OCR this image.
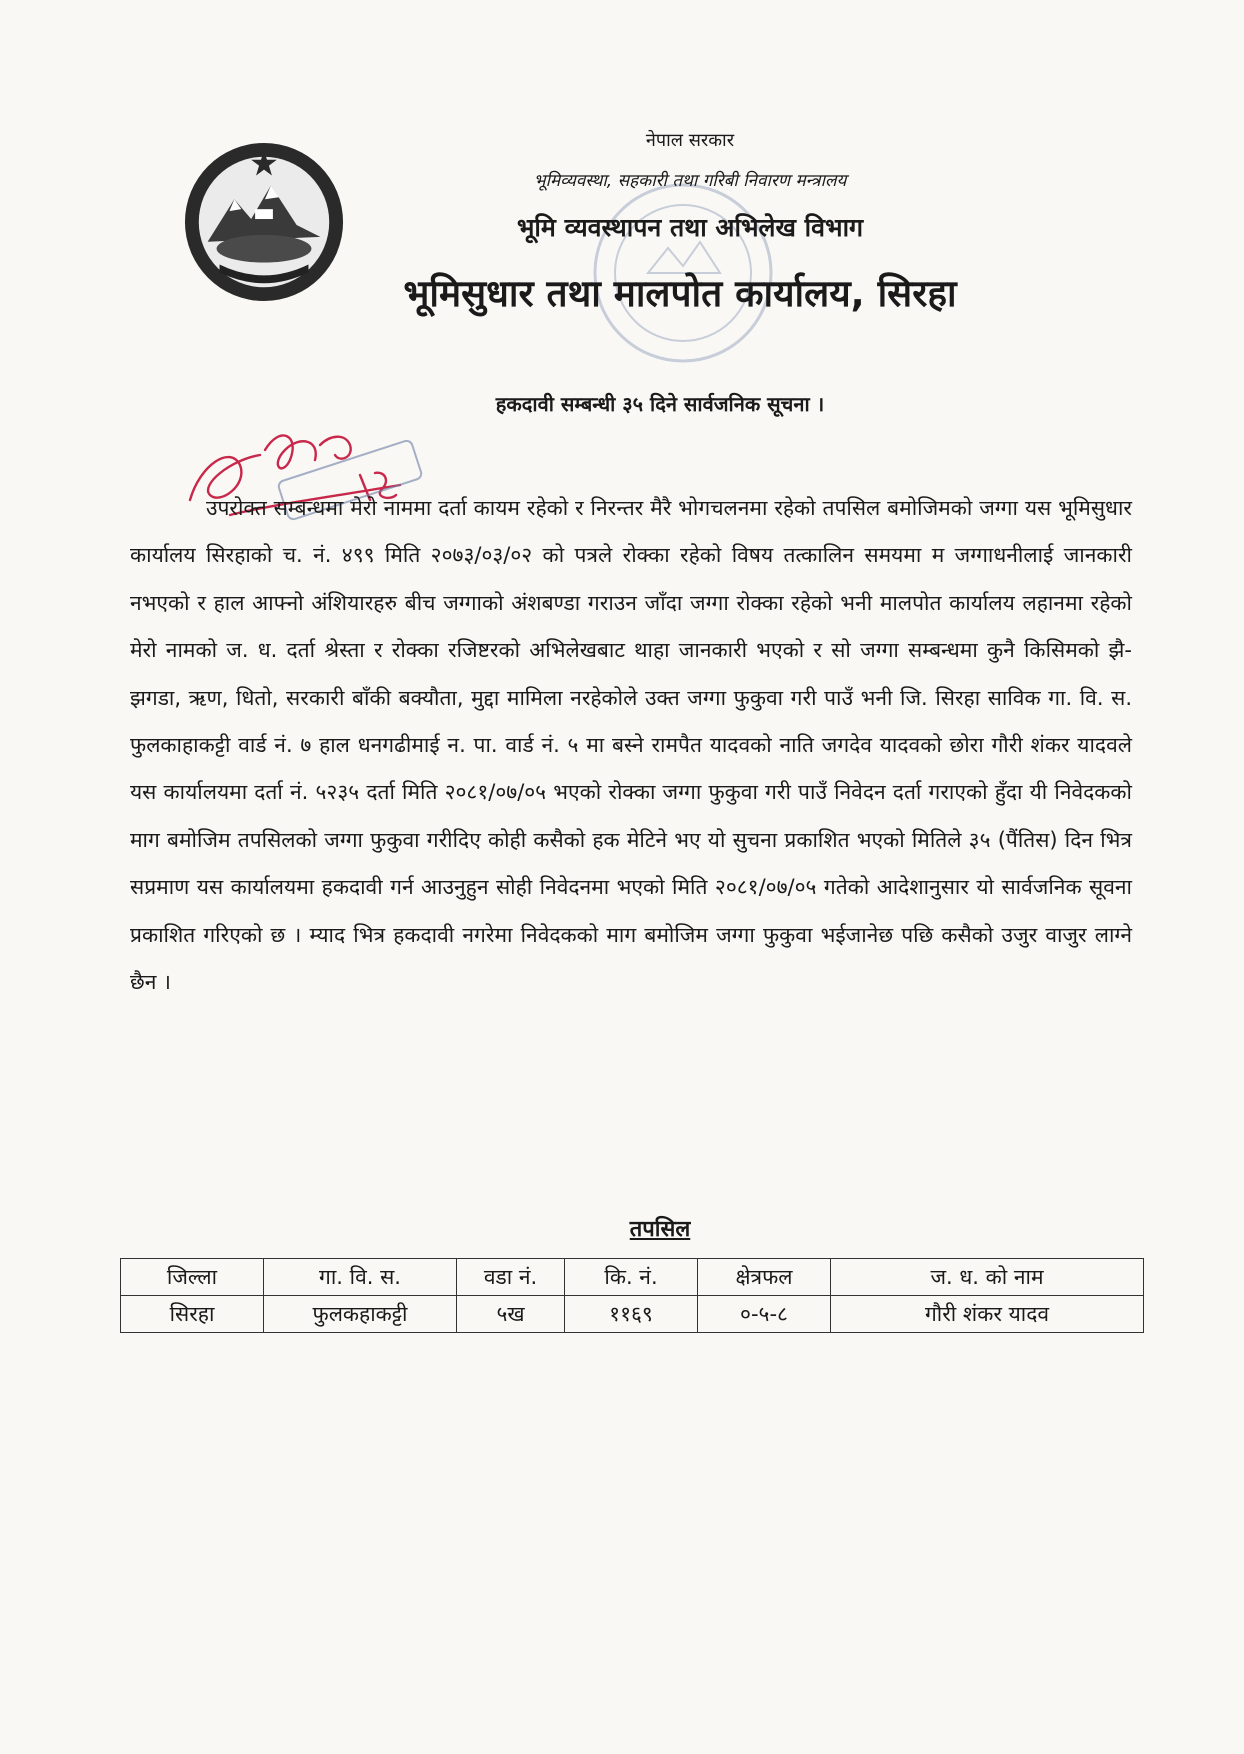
नेपाल सरकार
भूमिव्यवस्था, सहकारी तथा गरिबी निवारण मन्त्रालय
भूमि व्यवस्थापन तथा अभिलेख विभाग
भूमिसुधार तथा मालपोत कार्यालय, सिरहा
हकदावी सम्बन्धी ३५ दिने सार्वजनिक सूचना ।
उपरोक्त सम्बन्धमा मेरो नाममा दर्ता कायम रहेको र निरन्तर मैरै भोगचलनमा रहेको तपसिल बमोजिमको जग्गा यस भूमिसुधार कार्यालय सिरहाको च. नं. ४९९ मिति २०७३/०३/०२ को पत्रले रोक्का रहेको विषय तत्कालिन समयमा म जग्गाधनीलाई जानकारी नभएको र हाल आफ्नो अंशियारहरु बीच जग्गाको अंशबण्डा गराउन जाँदा जग्गा रोक्का रहेको भनी मालपोत कार्यालय लहानमा रहेको मेरो नामको ज. ध. दर्ता श्रेस्ता र रोक्का रजिष्टरको अभिलेखबाट थाहा जानकारी भएको र सो जग्गा सम्बन्धमा कुनै किसिमको झै-झगडा, ऋण, धितो, सरकारी बाँकी बक्यौता, मुद्दा मामिला नरहेकोले उक्त जग्गा फुकुवा गरी पाउँ भनी जि. सिरहा साविक गा. वि. स. फुलकाहाकट्टी वार्ड नं. ७ हाल धनगढीमाई न. पा. वार्ड नं. ५ मा बस्ने रामपैत यादवको नाति जगदेव यादवको छोरा गौरी शंकर यादवले यस कार्यालयमा दर्ता नं. ५२३५ दर्ता मिति २०८१/०७/०५ भएको रोक्का जग्गा फुकुवा गरी पाउँ निवेदन दर्ता गराएको हुँदा यी निवेदकको माग बमोजिम तपसिलको जग्गा फुकुवा गरीदिए कोही कसैको हक मेटिने भए यो सुचना प्रकाशित भएको मितिले ३५ (पैंतिस) दिन भित्र सप्रमाण यस कार्यालयमा हकदावी गर्न आउनुहुन सोही निवेदनमा भएको मिति २०८१/०७/०५ गतेको आदेशानुसार यो सार्वजनिक सूवना प्रकाशित गरिएको छ । म्याद भित्र हकदावी नगरेमा निवेदकको माग बमोजिम जग्गा फुकुवा भईजानेछ पछि कसैको उजुर वाजुर लाग्ने छैन ।
तपसिल
जिल्ला	गा. वि. स.	वडा नं.	कि. नं.	क्षेत्रफल	ज. ध. को नाम
सिरहा	फुलकहाकट्टी	५ख	११६९	०-५-८	गौरी शंकर यादव
